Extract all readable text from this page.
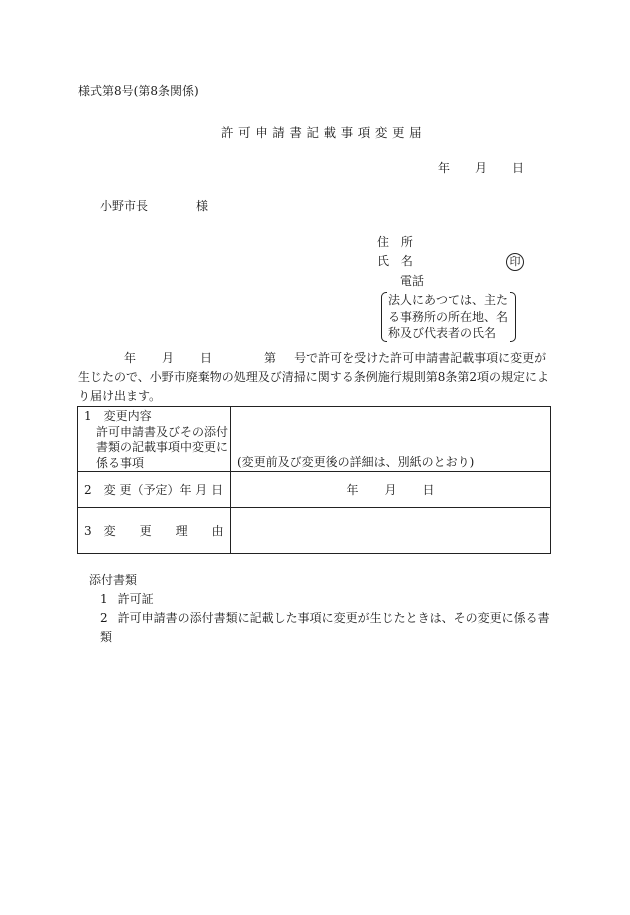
様式第8号(第8条関係)
許可申請書記載事項変更届
年 月 日
小野市長	様
住 所
氏 名	印
電話
法人にあつては、主たる事務所の所在地、名称及び代表者の氏名
年 月 日	第 号で許可を受けた許可申請書記載事項に変更が生じたので、小野市廃棄物の処理及び清掃に関する条例施行規則第8条第2項の規定により届け出ます。
1　変更内容
許可申請書及びその添付書類の記載事項中変更に係る事項	(変更前及び変更後の詳細は、別紙のとおり)

2　変 更（予定）年 月 日	年 月 日

3　変　　更　　理　　由	

添付書類
1 許可証
2 許可申請書の添付書類に記載した事項に変更が生じたときは、その変更に係る書類
